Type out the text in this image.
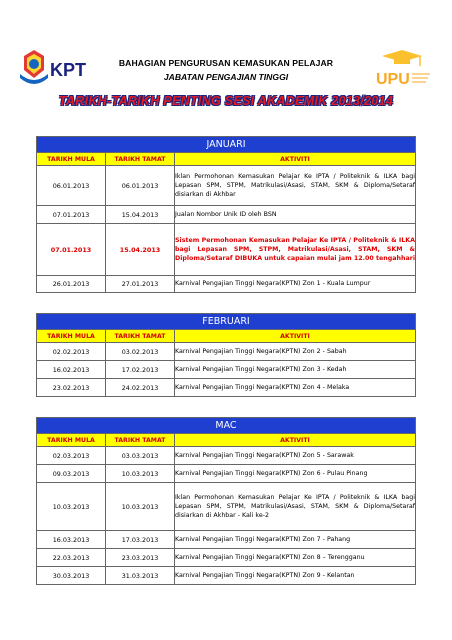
KPT	BAHAGIAN PENGURUSAN KEMASUKAN PELAJAR
JABATAN PENGAJIAN TINGGI	UPU
TARIKH-TARIKH PENTING SESI AKADEMIK 2013/2014
JANUARI		
TARIKH MULA	TARIKH TAMAT	AKTIVITI
06.01.2013	06.01.2013	Iklan Permohonan Kemasukan Pelajar Ke IPTA / Politeknik & ILKA bagi Lepasan SPM, STPM, Matrikulasi/Asasi, STAM, SKM & Diploma/Setaraf disiarkan di Akhbar
07.01.2013	15.04.2013	Jualan Nombor Unik ID oleh BSN
07.01.2013	15.04.2013	Sistem Permohonan Kemasukan Pelajar Ke IPTA / Politeknik & ILKA bagi Lepasan SPM, STPM, Matrikulasi/Asasi, STAM, SKM & Diploma/Setaraf DIBUKA untuk capaian mulai jam 12.00 tengahhari
26.01.2013	27.01.2013	Karnival Pengajian Tinggi Negara(KPTN) Zon 1 - Kuala Lumpur
FEBRUARI		
TARIKH MULA	TARIKH TAMAT	AKTIVITI
02.02.2013	03.02.2013	Karnival Pengajian Tinggi Negara(KPTN) Zon 2 - Sabah
16.02.2013	17.02.2013	Karnival Pengajian Tinggi Negara(KPTN) Zon 3 - Kedah
23.02.2013	24.02.2013	Karnival Pengajian Tinggi Negara(KPTN) Zon 4 - Melaka
MAC		
TARIKH MULA	TARIKH TAMAT	AKTIVITI
02.03.2013	03.03.2013	Karnival Pengajian Tinggi Negara(KPTN) Zon 5 - Sarawak
09.03.2013	10.03.2013	Karnival Pengajian Tinggi Negara(KPTN) Zon 6 - Pulau Pinang
10.03.2013	10.03.2013	Iklan Permohonan Kemasukan Pelajar Ke IPTA / Politeknik & ILKA bagi Lepasan SPM, STPM, Matrikulasi/Asasi, STAM, SKM & Diploma/Setaraf disiarkan di Akhbar - Kali ke-2
16.03.2013	17.03.2013	Karnival Pengajian Tinggi Negara(KPTN) Zon 7 - Pahang
22.03.2013	23.03.2013	Karnival Pengajian Tinggi Negara(KPTN) Zon 8 – Terengganu
30.03.2013	31.03.2013	Karnival Pengajian Tinggi Negara(KPTN) Zon 9 - Kelantan
